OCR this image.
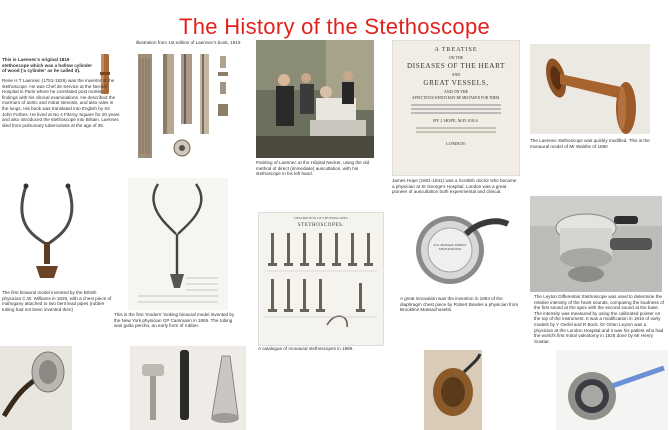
The History of the Stethoscope
This is Laennec's original 1819 stethoscope which was a hollow cylinder of wood ('a cylinder' as he called it).
Rene H T Laennec (1781-1826) was the inventor of the stethoscope. He was Chef de Service at the Necker Hospital in Paris where he correlated post mortem findings with his clinical examinations. He described the murmurs of aortic and mitral stenosis, and also rales in the lungs. His book was translated into English by Sir John Forbes. He lived at No 4 Fitzroy Square for 20 years and also introduced the stethoscope into Britain. Laennec died from pulmonary tuberculosis at the age of 35.
Illustration from 1st edition of Laennec's book, 1819
Painting of Laennec at the Hôpital Necker, using the old method of direct (immediate) auscultation, with his stethoscope in his left hand.
A TREATISE
ON THE
DISEASES OF THE HEART
AND
GREAT VESSELS,
AND ON THE
AFFECTIONS WHICH MAY BE MISTAKEN FOR THEM.
BY J. HOPE, M.D. F.R.S.
LONDON:
James Hope (1801-1841) was a Scottish doctor who became a physician at St George's Hospital, London was a great pioneer of auscultation both experimental and clinical.
The Laennec stethoscope was quickly modified. This is the monaural model of Mr Walshe of 1850
The first binaural model invented by the British physician C.W. Williams in 1829, with a chest piece of mahogany attached to two bent lead pipes (rubber tubing had not been invented then)
This is the first 'modern' looking binaural model invented by the New York physician GP Cammann in 1855. The tubing was gutta percha, an early form of rubber.
DESCRIPTION OF STETHOSCOPES
STETHOSCOPES.
A catalogue of monaural stethoscopes in 1869.
R.G. BOWLES' PATENT STETHOSCOPE
A great innovation was the invention in 1894 of the diaphragm chest piece by Robert Bowles a physician from Brookline Massachusetts.
The Leyton Differential Stethoscope was used to determine the relative intensity of the heart sounds, comparing the loudness of the first sound at the apex with the second sound at the base. The intensity was measured by using the calibrated pointer on the top of the instrument. It was a modification in 1916 of early models by Y Gerlel and R Bock. Dr Orton Leyton was a physician at the London Hospital and it was his patient who had the world's first mitral valvotomy in 1925 done by Mr Henry Souttar.
